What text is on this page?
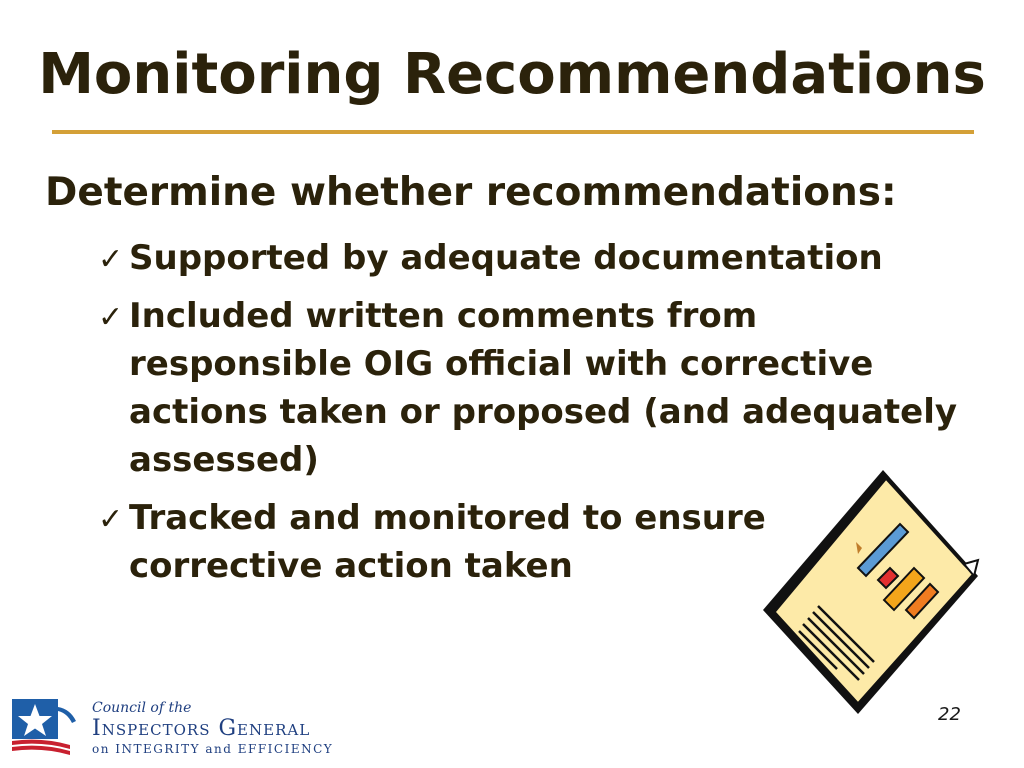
Monitoring Recommendations
Determine whether recommendations:
✓ Supported by adequate documentation
✓ Included written comments from
responsible OIG official with corrective
actions taken or proposed (and adequately
assessed)
✓ Tracked and monitored to ensure
corrective action taken
Council of the
Inspectors General
on INTEGRITY and EFFICIENCY
22
